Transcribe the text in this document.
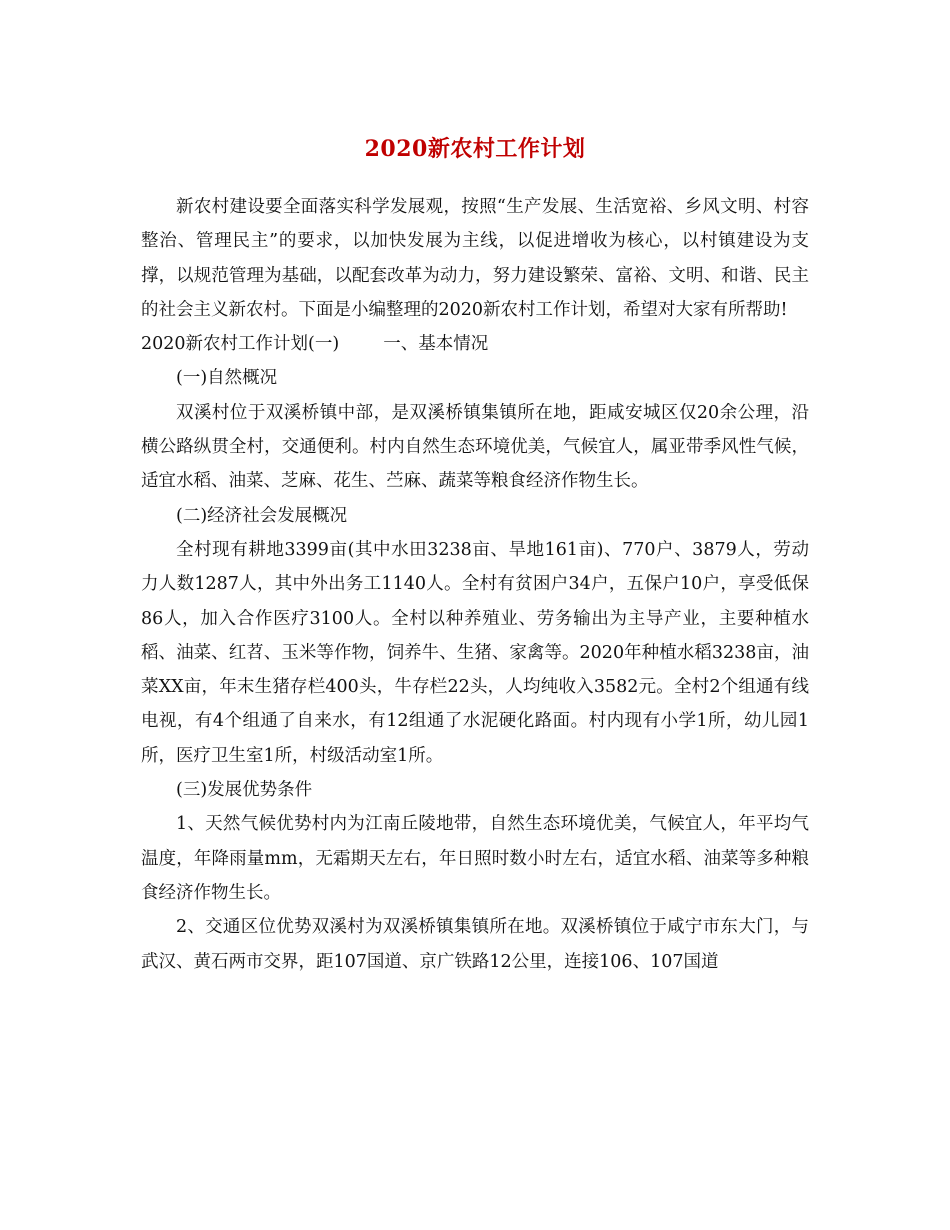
2020新农村工作计划

新农村建设要全面落实科学发展观，按照“生产发展、生活宽裕、乡风文明、村容整治、管理民主”的要求，以加快发展为主线，以促进增收为核心，以村镇建设为支撑，以规范管理为基础，以配套改革为动力，努力建设繁荣、富裕、文明、和谐、民主的社会主义新农村。下面是小编整理的2020新农村工作计划，希望对大家有所帮助!

2020新农村工作计划(一)	一、基本情况

(一)自然概况

双溪村位于双溪桥镇中部，是双溪桥镇集镇所在地，距咸安城区仅20余公理，沿横公路纵贯全村，交通便利。村内自然生态环境优美，气候宜人，属亚带季风性气候，适宜水稻、油菜、芝麻、花生、苎麻、蔬菜等粮食经济作物生长。

(二)经济社会发展概况

全村现有耕地3399亩(其中水田3238亩、旱地161亩)、770户、3879人，劳动力人数1287人，其中外出务工1140人。全村有贫困户34户，五保户10户，享受低保86人，加入合作医疗3100人。全村以种养殖业、劳务输出为主导产业，主要种植水稻、油菜、红苕、玉米等作物，饲养牛、生猪、家禽等。2020年种植水稻3238亩，油菜XX亩，年末生猪存栏400头，牛存栏22头，人均纯收入3582元。全村2个组通有线电视，有4个组通了自来水，有12组通了水泥硬化路面。村内现有小学1所，幼儿园1所，医疗卫生室1所，村级活动室1所。

(三)发展优势条件

1、天然气候优势村内为江南丘陵地带，自然生态环境优美，气候宜人，年平均气温度，年降雨量mm，无霜期天左右，年日照时数小时左右，适宜水稻、油菜等多种粮食经济作物生长。

2、交通区位优势双溪村为双溪桥镇集镇所在地。双溪桥镇位于咸宁市东大门，与武汉、黄石两市交界，距107国道、京广铁路12公里，连接106、107国道
